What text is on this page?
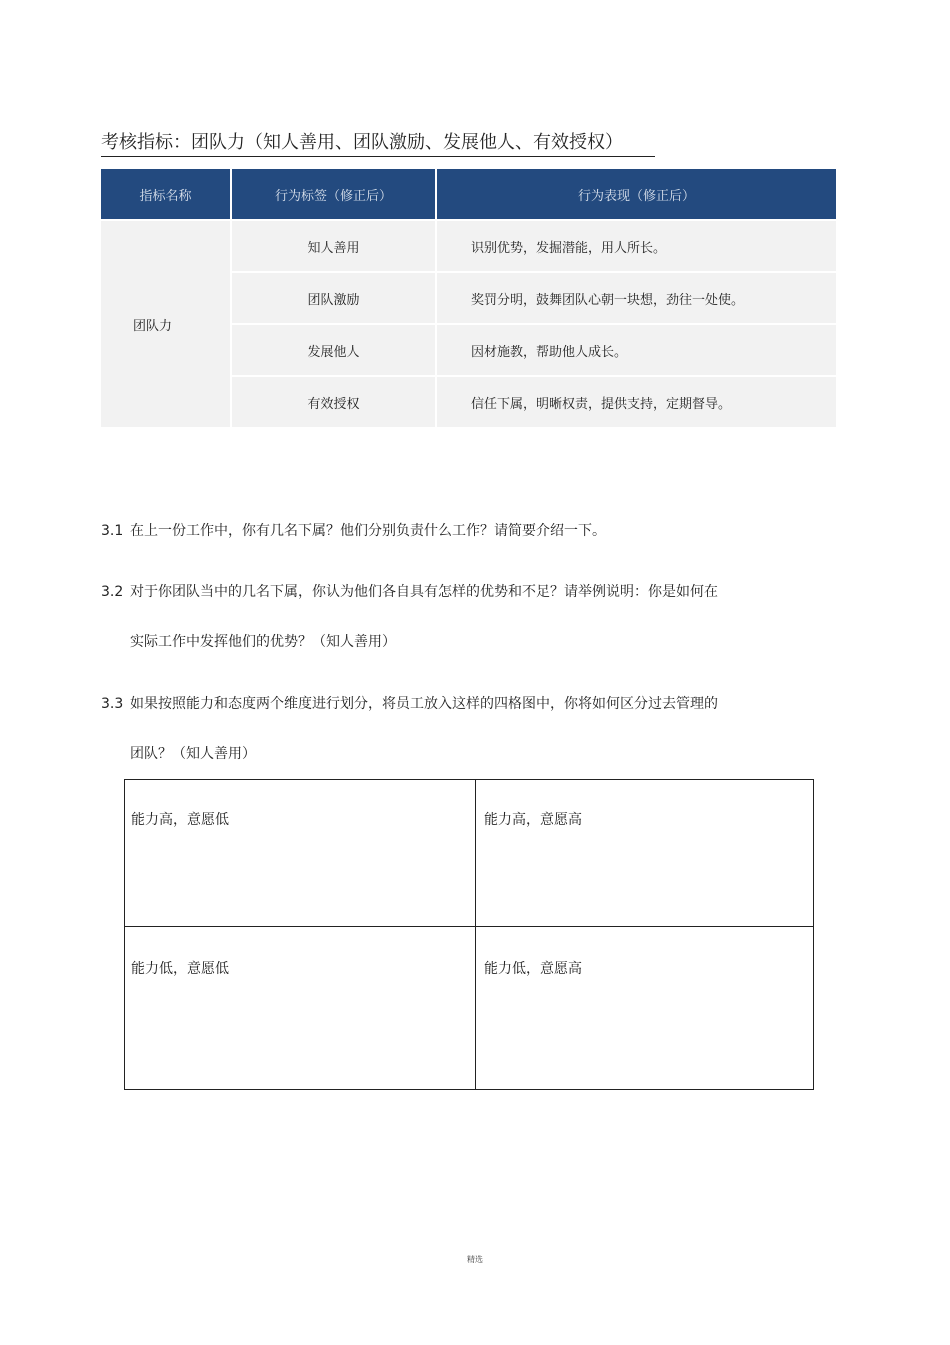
考核指标：团队力（知人善用、团队激励、发展他人、有效授权）
指标名称	行为标签（修正后）	行为表现（修正后）
团队力	知人善用	识别优势，发掘潜能，用人所长。
	团队激励	奖罚分明，鼓舞团队心朝一块想，劲往一处使。
	发展他人	因材施教，帮助他人成长。
	有效授权	信任下属，明晰权责，提供支持，定期督导。
3.1 在上一份工作中，你有几名下属？他们分别负责什么工作？请简要介绍一下。
3.2 对于你团队当中的几名下属，你认为他们各自具有怎样的优势和不足？请举例说明：你是如何在
实际工作中发挥他们的优势？（知人善用）
3.3 如果按照能力和态度两个维度进行划分，将员工放入这样的四格图中，你将如何区分过去管理的
团队？（知人善用）
能力高，意愿低	能力高，意愿高
能力低，意愿低	能力低，意愿高
精选
